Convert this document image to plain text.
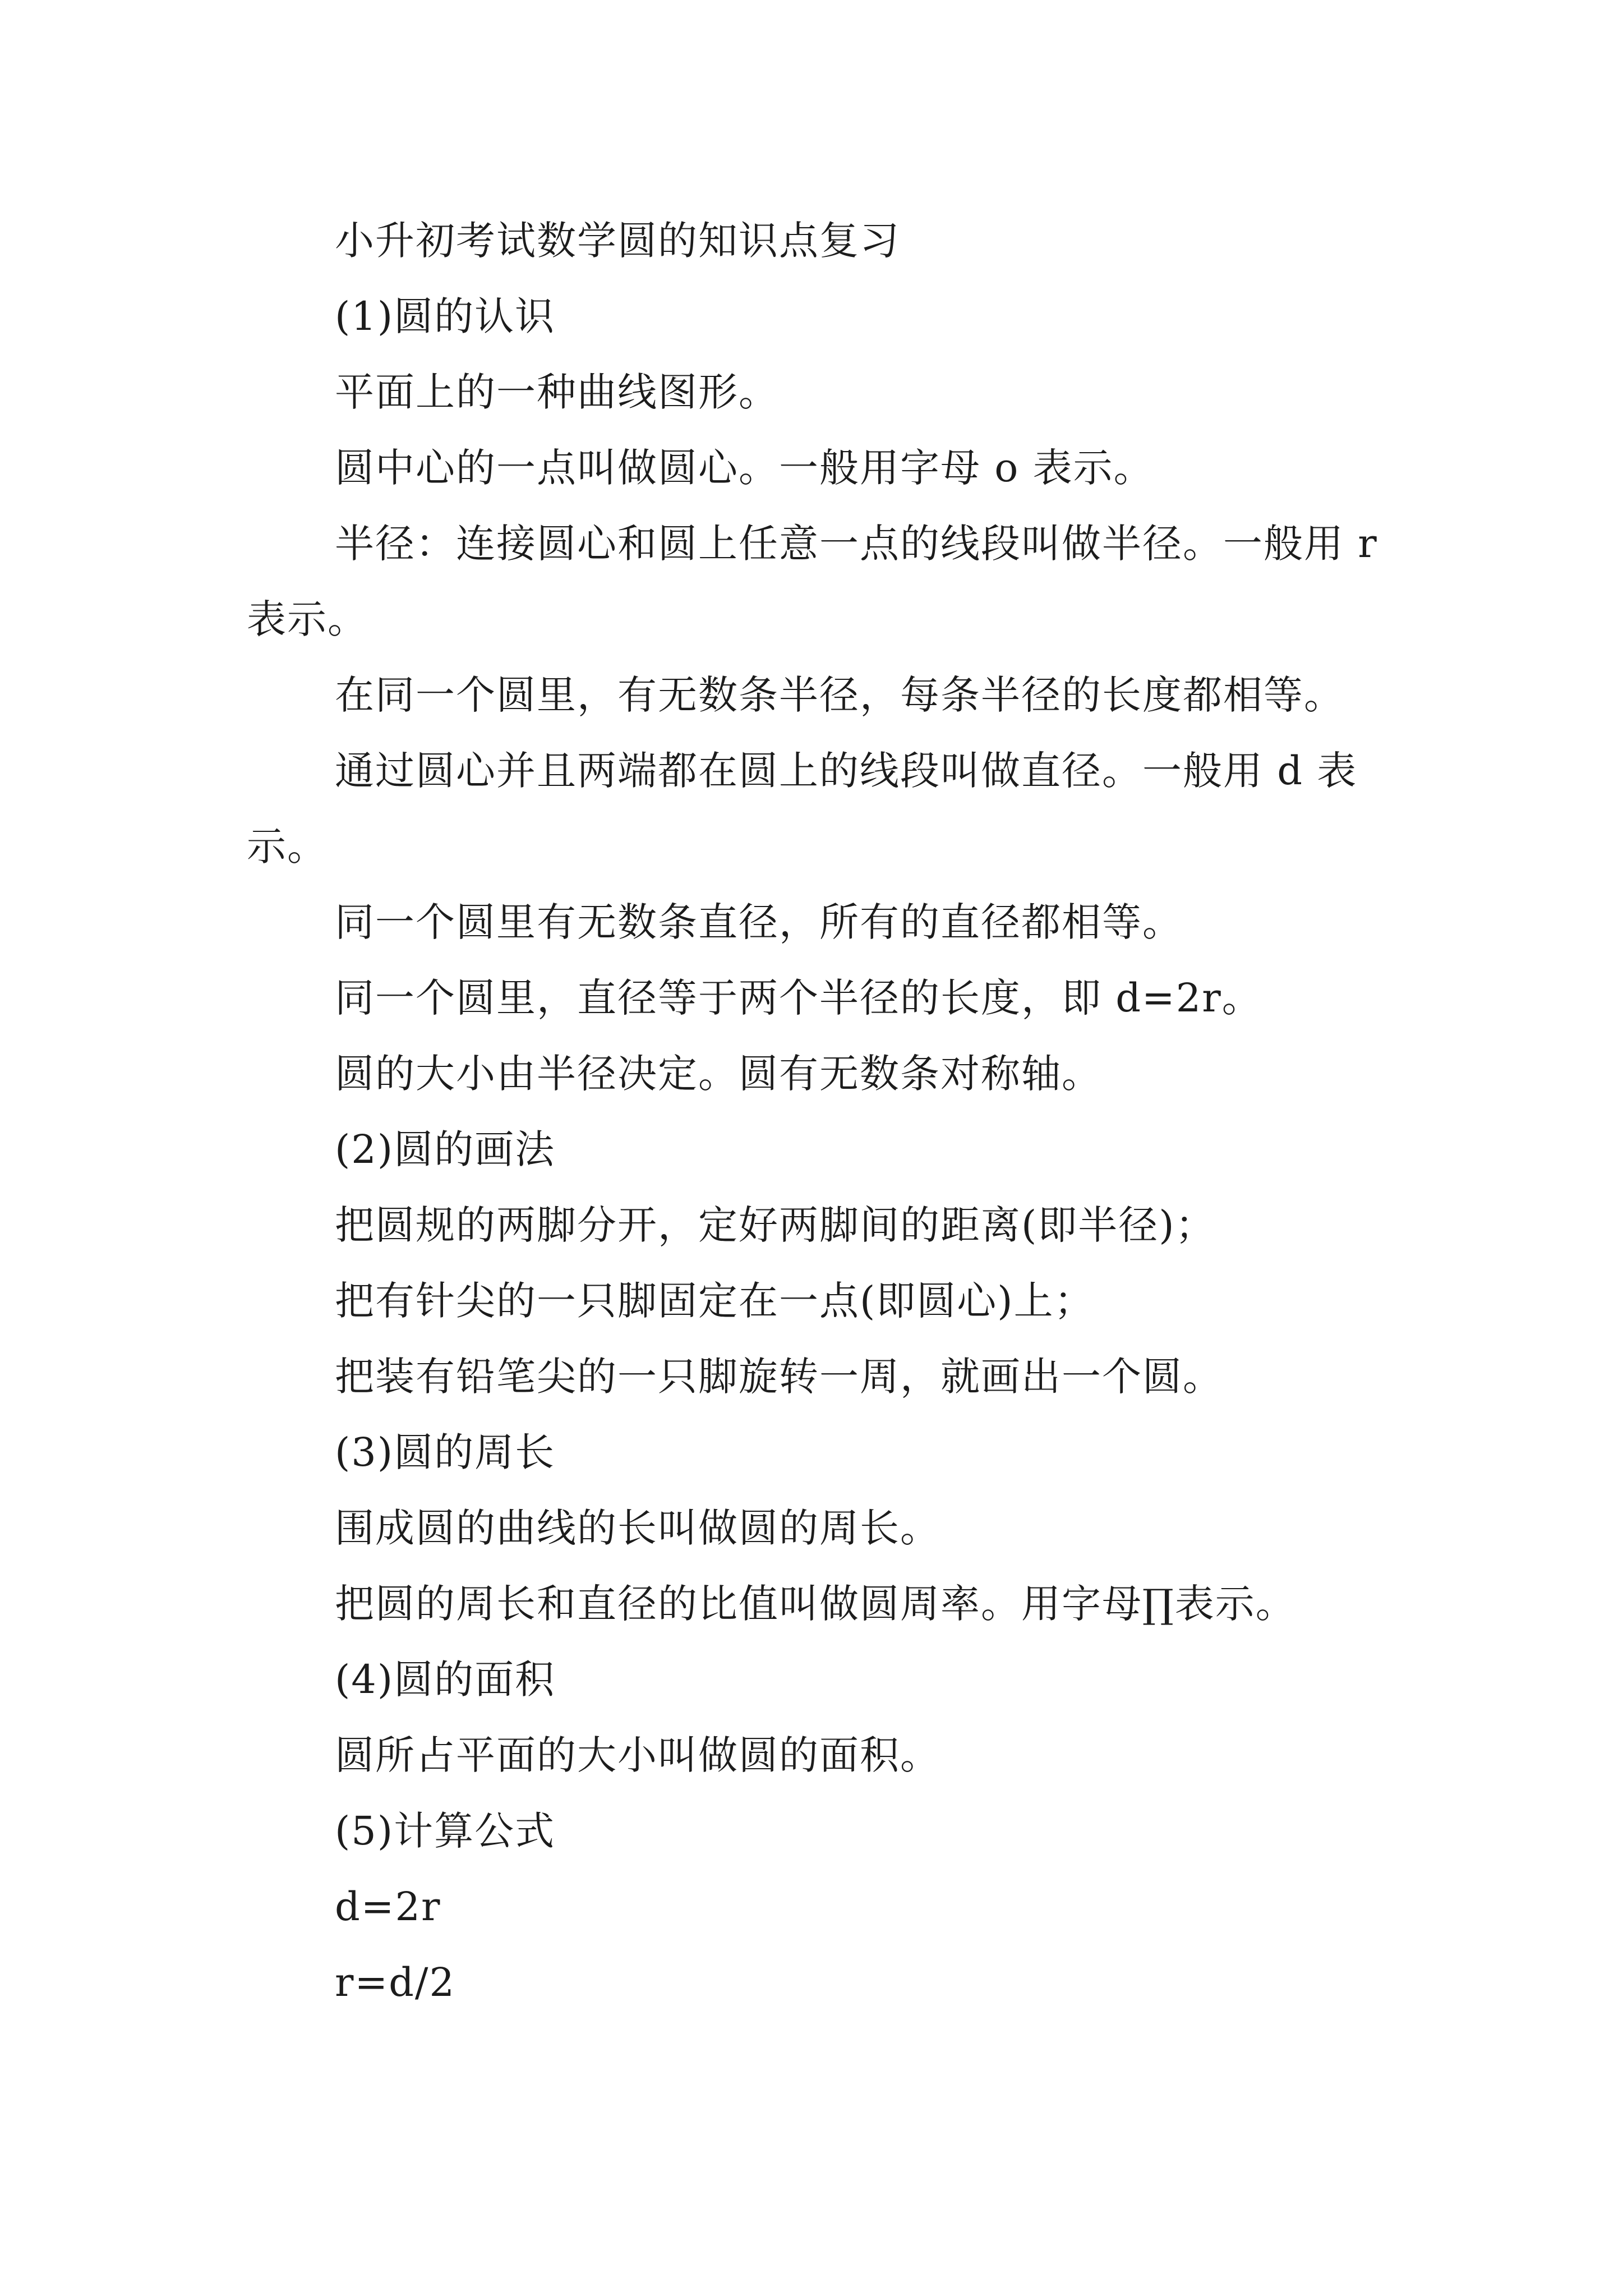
小升初考试数学圆的知识点复习

(1)圆的认识

平面上的一种曲线图形。

圆中心的一点叫做圆心。一般用字母 o 表示。

半径：连接圆心和圆上任意一点的线段叫做半径。一般用 r 表示。

在同一个圆里，有无数条半径，每条半径的长度都相等。

通过圆心并且两端都在圆上的线段叫做直径。一般用 d 表示。

同一个圆里有无数条直径，所有的直径都相等。

同一个圆里，直径等于两个半径的长度，即 d=2r。

圆的大小由半径决定。圆有无数条对称轴。

(2)圆的画法

把圆规的两脚分开，定好两脚间的距离(即半径)；

把有针尖的一只脚固定在一点(即圆心)上；

把装有铅笔尖的一只脚旋转一周，就画出一个圆。

(3)圆的周长

围成圆的曲线的长叫做圆的周长。

把圆的周长和直径的比值叫做圆周率。用字母∏表示。

(4)圆的面积

圆所占平面的大小叫做圆的面积。

(5)计算公式

d=2r

r=d/2
